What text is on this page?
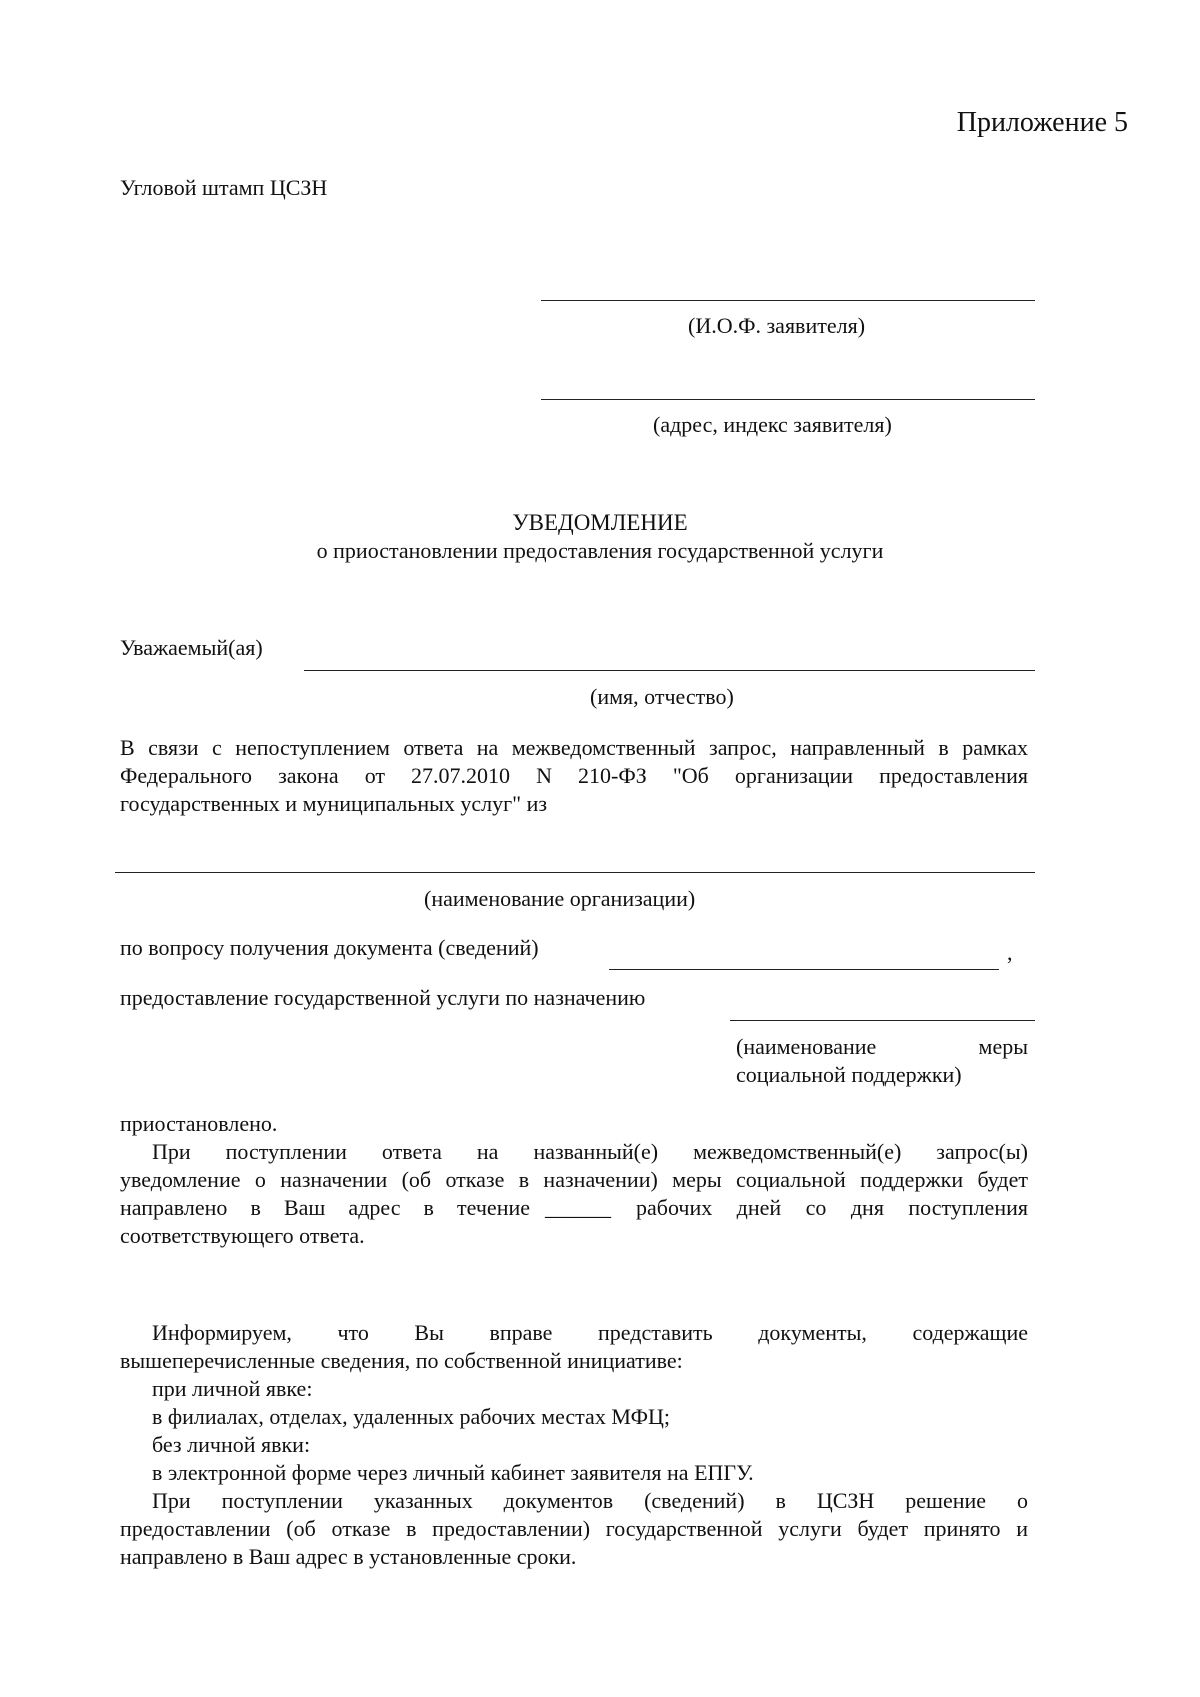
Приложение 5
Угловой штамп ЦСЗН
(И.О.Ф. заявителя)
(адрес, индекс заявителя)
УВЕДОМЛЕНИЕ
о приостановлении предоставления государственной услуги
Уважаемый(ая)
(имя, отчество)
В связи с непоступлением ответа на межведомственный запрос, направленный в рамках
Федерального закона от 27.07.2010 N 210-ФЗ "Об организации предоставления
государственных и муниципальных услуг" из
(наименование организации)
по вопросу получения документа (сведений)	,
предоставление государственной услуги по назначению
(наименование меры
социальной поддержки)
приостановлено.
При поступлении ответа на названный(е) межведомственный(е) запрос(ы)
уведомление о назначении (об отказе в назначении) меры социальной поддержки будет
направлено в Ваш адрес в течение ______ рабочих дней со дня поступления
соответствующего ответа.
Информируем, что Вы вправе представить документы, содержащие
вышеперечисленные сведения, по собственной инициативе:
при личной явке:
в филиалах, отделах, удаленных рабочих местах МФЦ;
без личной явки:
в электронной форме через личный кабинет заявителя на ЕПГУ.
При поступлении указанных документов (сведений) в ЦСЗН решение о
предоставлении (об отказе в предоставлении) государственной услуги будет принято и
направлено в Ваш адрес в установленные сроки.
